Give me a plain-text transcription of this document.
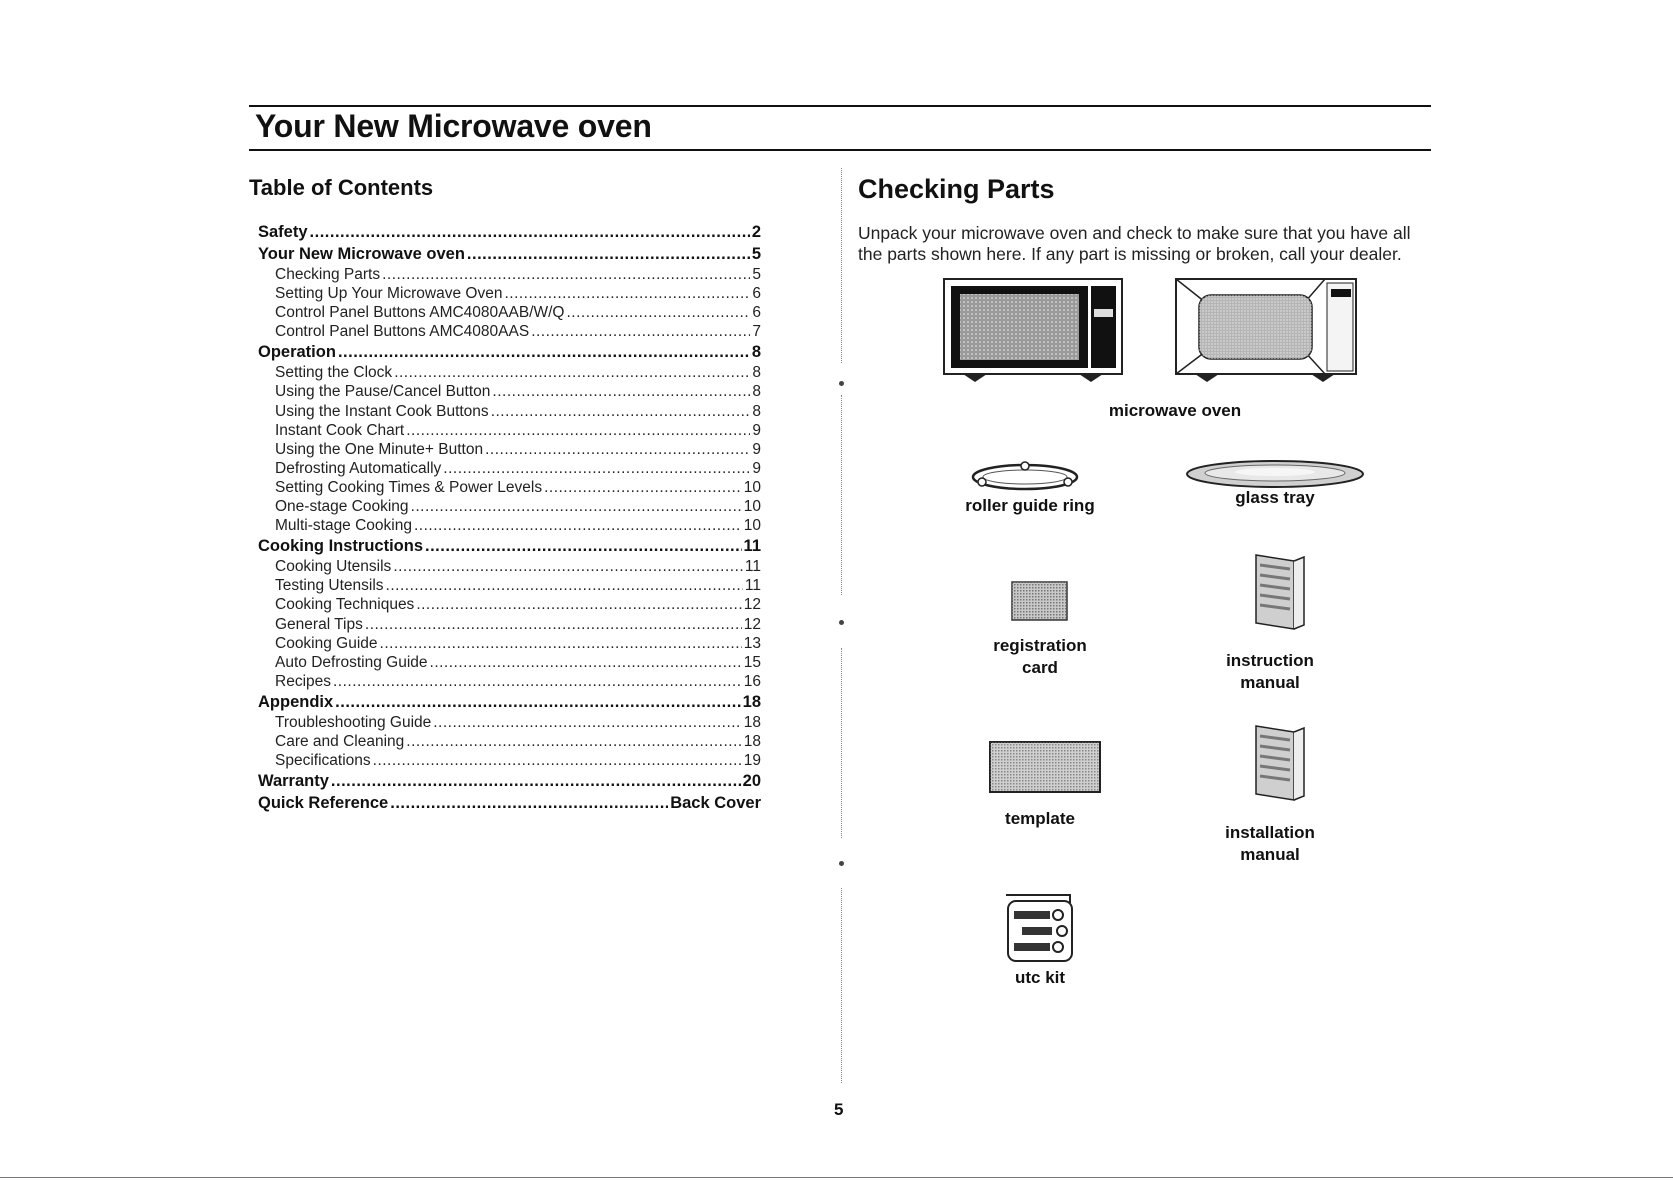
Your New Microwave oven
Table of Contents
Safety .....	2
Your New Microwave oven .....	5
Checking Parts .....	5
Setting Up Your Microwave Oven .....	6
Control Panel Buttons AMC4080AAB/W/Q .....	6
Control Panel Buttons AMC4080AAS .....	7
Operation .....	8
Setting the Clock .....	8
Using the Pause/Cancel Button .....	8
Using the Instant Cook Buttons .....	8
Instant Cook Chart .....	9
Using the One Minute+ Button .....	9
Defrosting Automatically .....	9
Setting Cooking Times & Power Levels .....	10
One-stage Cooking .....	10
Multi-stage Cooking .....	10
Cooking Instructions .....	11
Cooking Utensils .....	11
Testing Utensils .....	11
Cooking Techniques .....	12
General Tips .....	12
Cooking Guide .....	13
Auto Defrosting Guide .....	15
Recipes .....	16
Appendix .....	18
Troubleshooting Guide .....	18
Care and Cleaning .....	18
Specifications .....	19
Warranty .....	20
Quick Reference .....	Back Cover
Checking Parts
Unpack your microwave oven and check to make sure that you have all the parts shown here. If any part is missing or broken, call your dealer.
microwave oven
roller guide ring	glass tray
registration
card	instruction
manual
template
installation
manual
utc kit
5
